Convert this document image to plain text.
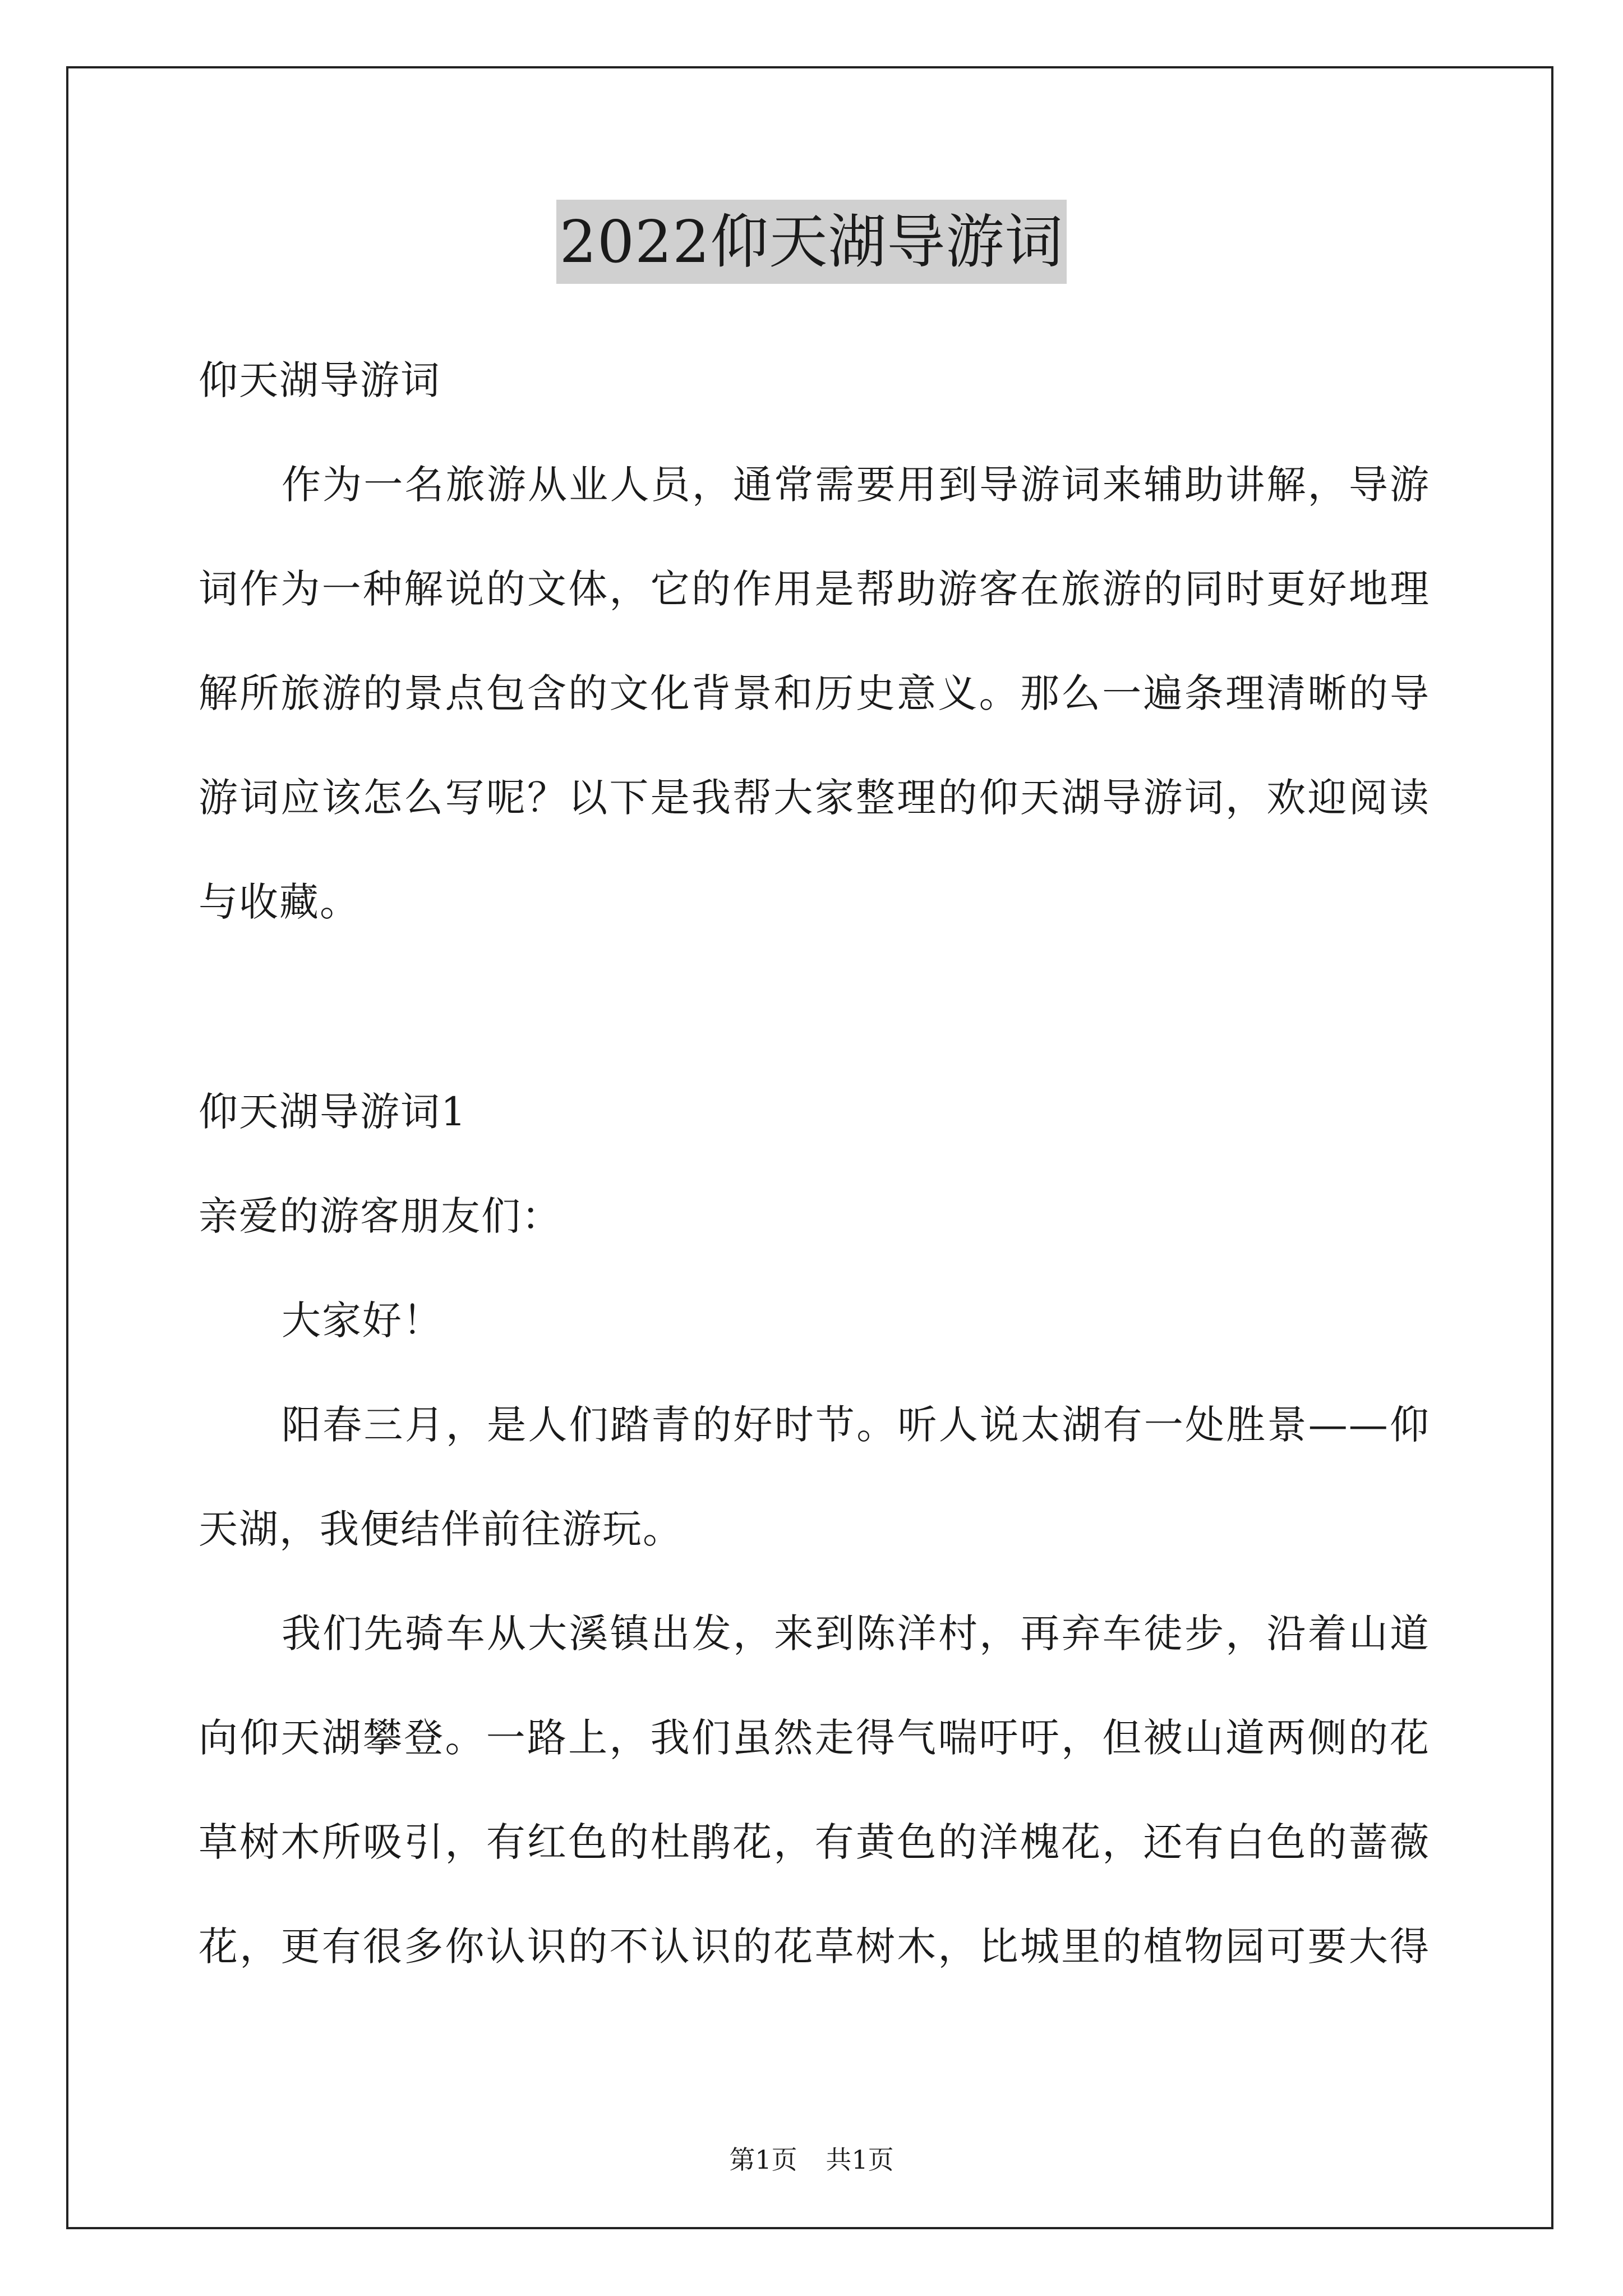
2022仰天湖导游词
仰天湖导游词
作为一名旅游从业人员，通常需要用到导游词来辅助讲解，导游
词作为一种解说的文体，它的作用是帮助游客在旅游的同时更好地理
解所旅游的景点包含的文化背景和历史意义。那么一遍条理清晰的导
游词应该怎么写呢？以下是我帮大家整理的仰天湖导游词，欢迎阅读
与收藏。
仰天湖导游词1
亲爱的游客朋友们：
大家好！
阳春三月，是人们踏青的好时节。听人说太湖有一处胜景——仰
天湖，我便结伴前往游玩。
我们先骑车从大溪镇出发，来到陈洋村，再弃车徒步，沿着山道
向仰天湖攀登。一路上，我们虽然走得气喘吁吁，但被山道两侧的花
草树木所吸引，有红色的杜鹃花，有黄色的洋槐花，还有白色的蔷薇
花，更有很多你认识的不认识的花草树木，比城里的植物园可要大得
第1页 共1页
